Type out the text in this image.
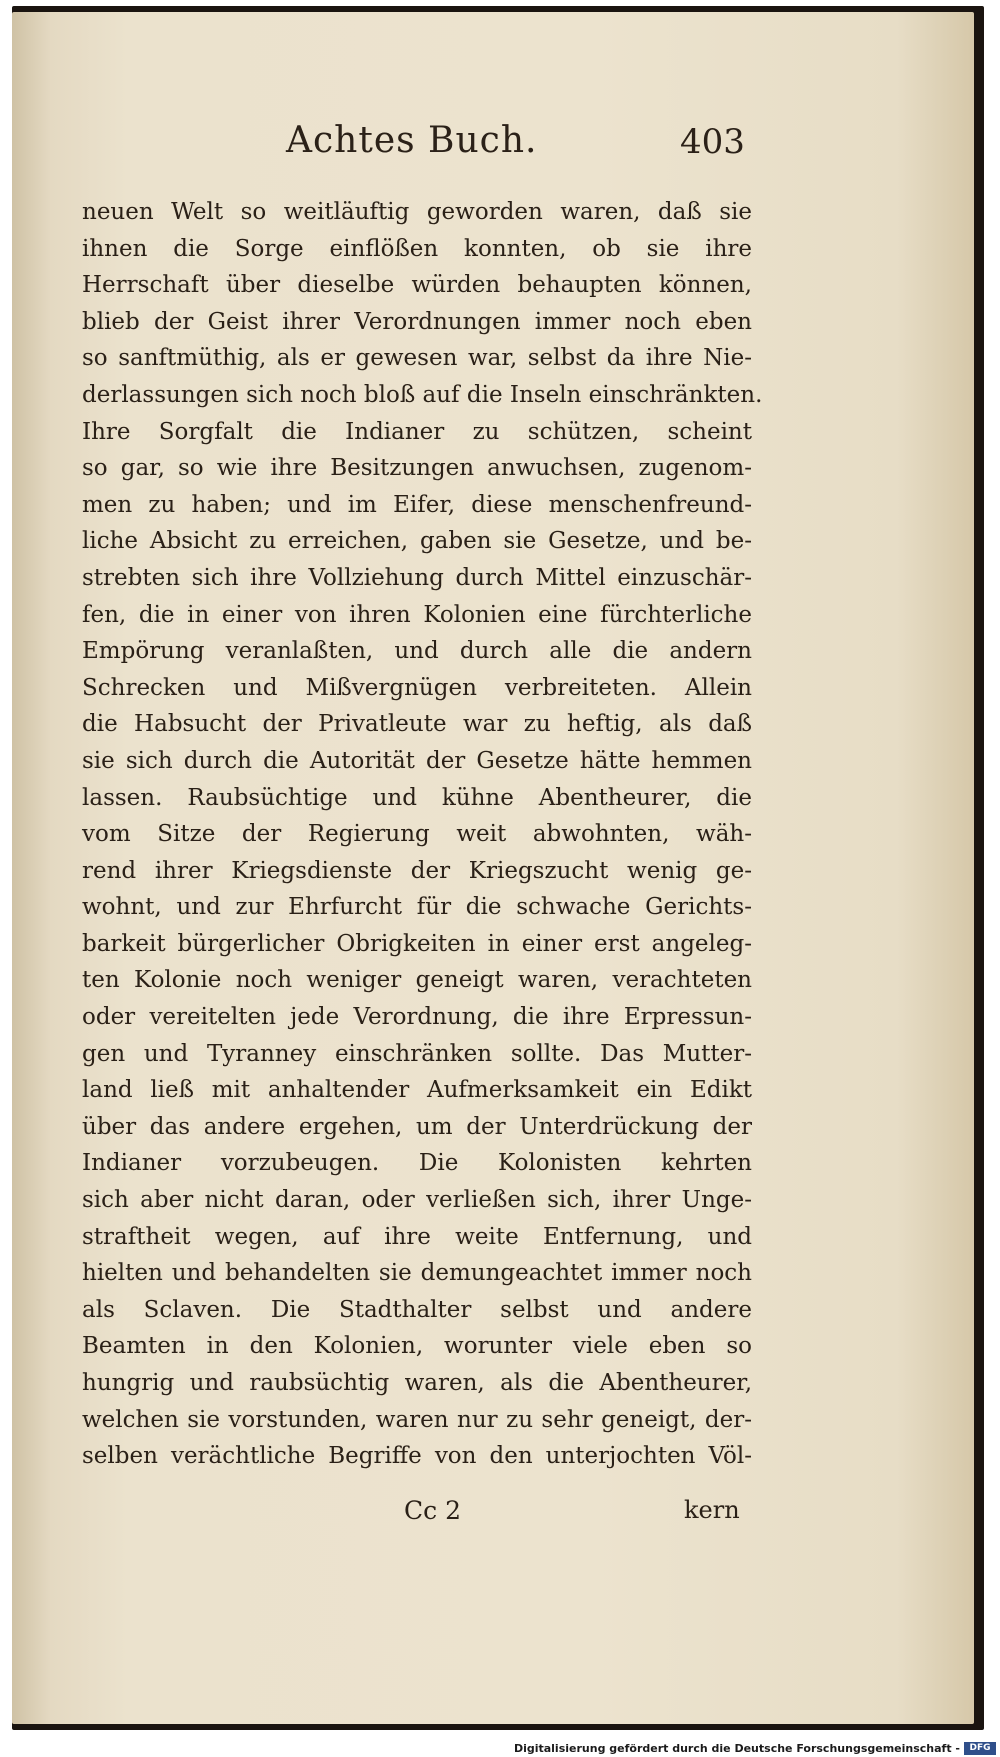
Achtes Buch.	403
neuen Welt so weitläuftig geworden waren, daß sie
ihnen die Sorge einflößen konnten, ob sie ihre
Herrschaft über dieselbe würden behaupten können,
blieb der Geist ihrer Verordnungen immer noch eben
so sanftmüthig, als er gewesen war, selbst da ihre Nie-
derlassungen sich noch bloß auf die Inseln einschränkten.
Ihre Sorgfalt die Indianer zu schützen, scheint
so gar, so wie ihre Besitzungen anwuchsen, zugenom-
men zu haben; und im Eifer, diese menschenfreund-
liche Absicht zu erreichen, gaben sie Gesetze, und be-
strebten sich ihre Vollziehung durch Mittel einzuschär-
fen, die in einer von ihren Kolonien eine fürchterliche
Empörung veranlaßten, und durch alle die andern
Schrecken und Mißvergnügen verbreiteten. Allein
die Habsucht der Privatleute war zu heftig, als daß
sie sich durch die Autorität der Gesetze hätte hemmen
lassen. Raubsüchtige und kühne Abentheurer, die
vom Sitze der Regierung weit abwohnten, wäh-
rend ihrer Kriegsdienste der Kriegszucht wenig ge-
wohnt, und zur Ehrfurcht für die schwache Gerichts-
barkeit bürgerlicher Obrigkeiten in einer erst angeleg-
ten Kolonie noch weniger geneigt waren, verachteten
oder vereitelten jede Verordnung, die ihre Erpressun-
gen und Tyranney einschränken sollte. Das Mutter-
land ließ mit anhaltender Aufmerksamkeit ein Edikt
über das andere ergehen, um der Unterdrückung der
Indianer vorzubeugen. Die Kolonisten kehrten
sich aber nicht daran, oder verließen sich, ihrer Unge-
straftheit wegen, auf ihre weite Entfernung, und
hielten und behandelten sie demungeachtet immer noch
als Sclaven. Die Stadthalter selbst und andere
Beamten in den Kolonien, worunter viele eben so
hungrig und raubsüchtig waren, als die Abentheurer,
welchen sie vorstunden, waren nur zu sehr geneigt, der-
selben verächtliche Begriffe von den unterjochten Völ-
Cc 2	kern
Digitalisierung gefördert durch die Deutsche Forschungsgemeinschaft -	DFG
